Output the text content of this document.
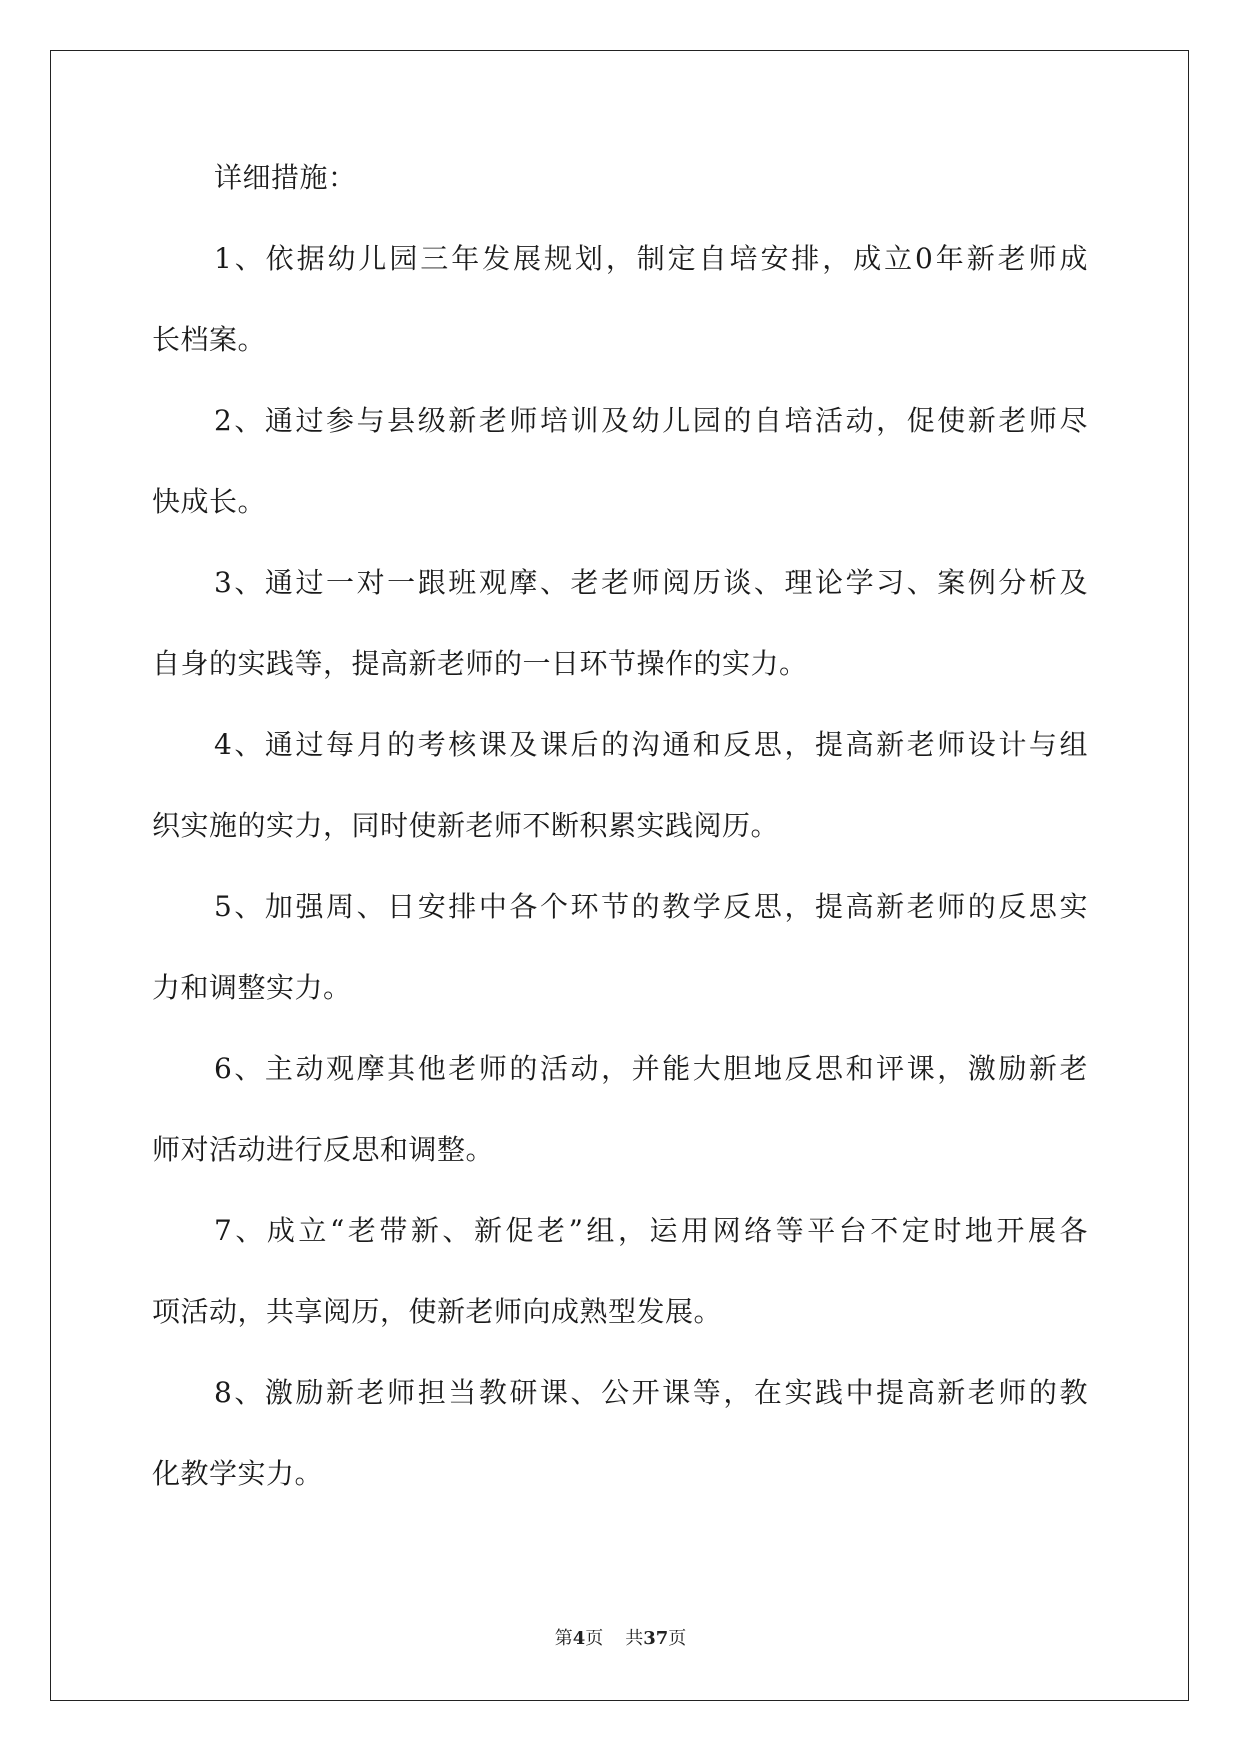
详细措施：
1、依据幼儿园三年发展规划，制定自培安排，成立0年新老师成
长档案。
2、通过参与县级新老师培训及幼儿园的自培活动，促使新老师尽
快成长。
3、通过一对一跟班观摩、老老师阅历谈、理论学习、案例分析及
自身的实践等，提高新老师的一日环节操作的实力。
4、通过每月的考核课及课后的沟通和反思，提高新老师设计与组
织实施的实力，同时使新老师不断积累实践阅历。
5、加强周、日安排中各个环节的教学反思，提高新老师的反思实
力和调整实力。
6、主动观摩其他老师的活动，并能大胆地反思和评课，激励新老
师对活动进行反思和调整。
7、成立“老带新、新促老”组，运用网络等平台不定时地开展各
项活动，共享阅历，使新老师向成熟型发展。
8、激励新老师担当教研课、公开课等，在实践中提高新老师的教
化教学实力。
第4页 共37页
